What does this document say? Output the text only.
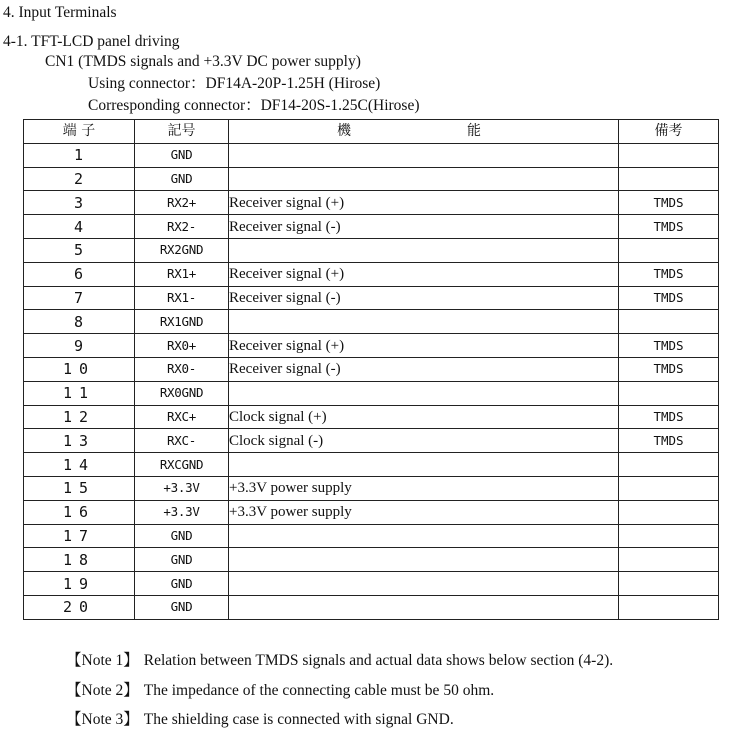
4. Input Terminals
4-1. TFT-LCD panel driving
CN1 (TMDS signals and +3.3V DC power supply)
Using connector：DF14A-20P-1.25H (Hirose)
Corresponding connector：DF14-20S-1.25C(Hirose)
端 子	記号	機 能	備考
1	GND		
2	GND		
3	RX2+	Receiver signal (+)	TMDS
4	RX2-	Receiver signal (-)	TMDS
5	RX2GND		
6	RX1+	Receiver signal (+)	TMDS
7	RX1-	Receiver signal (-)	TMDS
8	RX1GND		
9	RX0+	Receiver signal (+)	TMDS
10	RX0-	Receiver signal (-)	TMDS
11	RX0GND		
12	RXC+	Clock signal (+)	TMDS
13	RXC-	Clock signal (-)	TMDS
14	RXCGND		
15	+3.3V	+3.3V power supply	
16	+3.3V	+3.3V power supply	
17	GND		
18	GND		
19	GND		
20	GND		
【Note 1】 Relation between TMDS signals and actual data shows below section (4-2).
【Note 2】 The impedance of the connecting cable must be 50 ohm.
【Note 3】 The shielding case is connected with signal GND.
